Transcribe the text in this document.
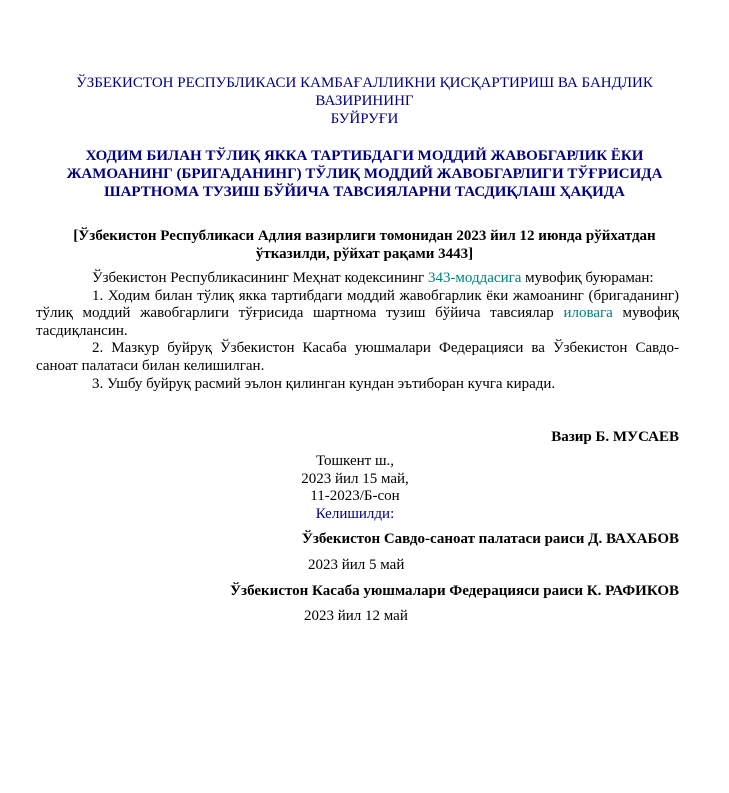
ЎЗБЕКИСТОН РЕСПУБЛИКАСИ КАМБАҒАЛЛИКНИ ҚИСҚАРТИРИШ ВА БАНДЛИК
ВАЗИРИНИНГ
БУЙРУҒИ
ХОДИМ БИЛАН ТЎЛИҚ ЯККА ТАРТИБДАГИ МОДДИЙ ЖАВОБГАРЛИК ЁКИ ЖАМОАНИНГ (БРИГАДАНИНГ) ТЎЛИҚ МОДДИЙ ЖАВОБГАРЛИГИ ТЎҒРИСИДА ШАРТНОМА ТУЗИШ БЎЙИЧА ТАВСИЯЛАРНИ ТАСДИҚЛАШ ҲАҚИДА
[Ўзбекистон Республикаси Адлия вазирлиги томонидан 2023 йил 12 июнда рўйхатдан ўтказилди, рўйхат рақами 3443]

Ўзбекистон Республикасининг Меҳнат кодексининг 343-моддасига мувофиқ буюраман:

1. Ходим билан тўлиқ якка тартибдаги моддий жавобгарлик ёки жамоанинг (бригаданинг) тўлиқ моддий жавобгарлиги тўғрисида шартнома тузиш бўйича тавсиялар иловага мувофиқ тасдиқлансин.

2. Мазкур буйруқ Ўзбекистон Касаба уюшмалари Федерацияси ва Ўзбекистон Савдо-саноат палатаси билан келишилган.

3. Ушбу буйруқ расмий эълон қилинган кундан эътиборан кучга киради.

Вазир Б. МУСАЕВ
Тошкент ш.,
2023 йил 15 май,
11-2023/Б-сон
Келишилди:
Ўзбекистон Савдо-саноат палатаси раиси Д. ВАХАБОВ
2023 йил 5 май
Ўзбекистон Касаба уюшмалари Федерацияси раиси К. РАФИКОВ
2023 йил 12 май
